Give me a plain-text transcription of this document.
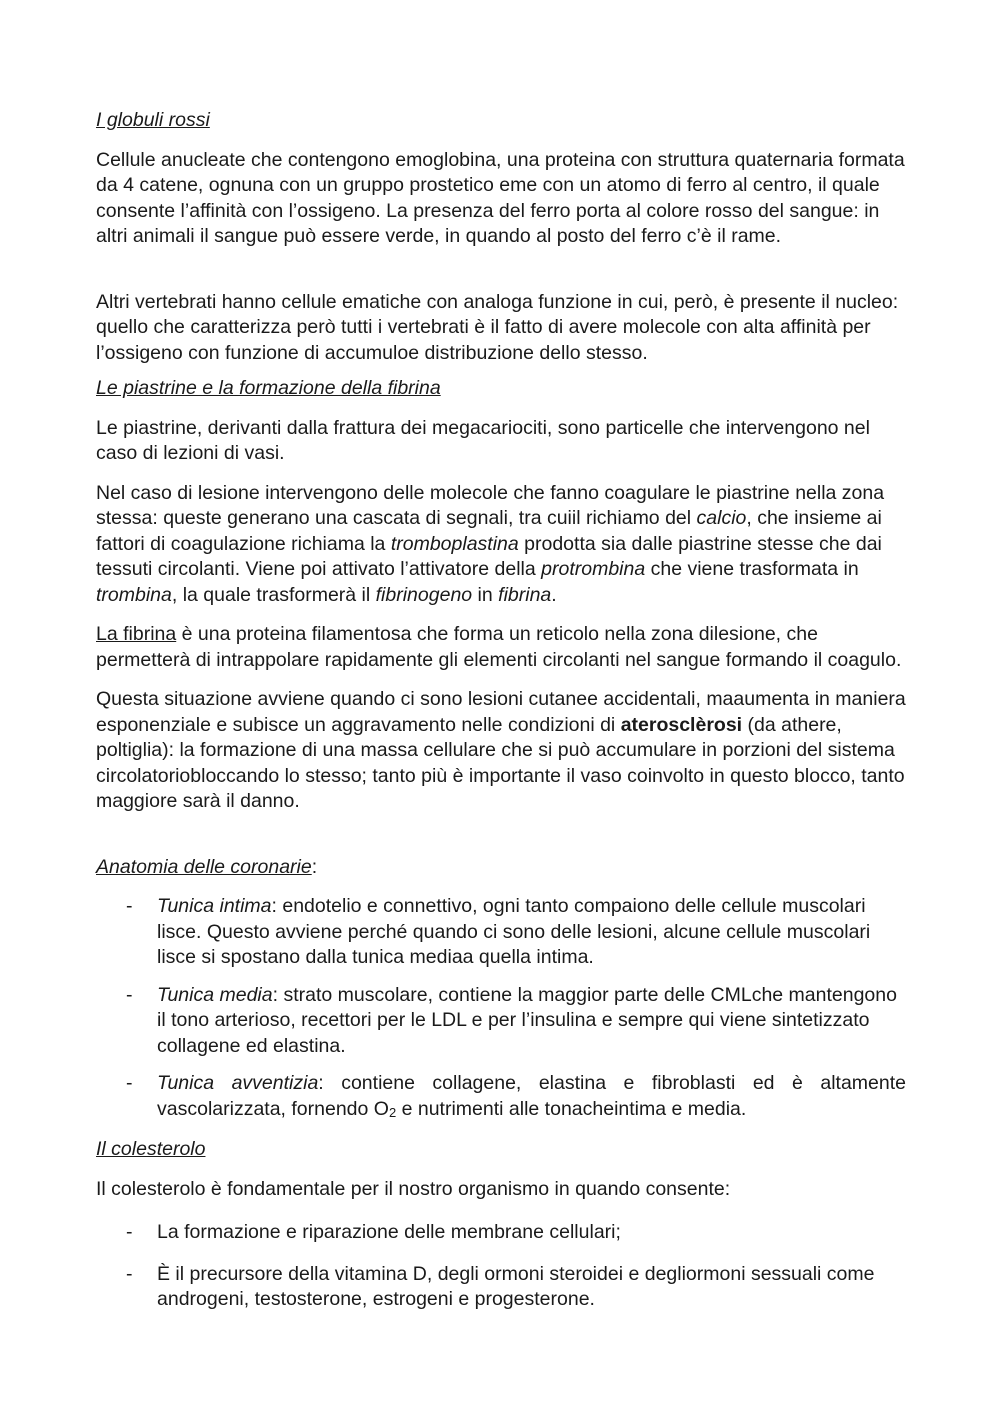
I globuli rossi

Cellule anucleate che contengono emoglobina, una proteina con struttura quaternaria formata da 4 catene, ognuna con un gruppo prostetico eme con un atomo di ferro al centro, il quale consente l’affinità con l’ossigeno. La presenza del ferro porta al colore rosso del sangue: in altri animali il sangue può essere verde, in quando al posto del ferro c’è il rame.

Altri vertebrati hanno cellule ematiche con analoga funzione in cui, però, è presente il nucleo: quello che caratterizza però tutti i vertebrati è il fatto di avere molecole con alta affinità per l’ossigeno con funzione di accumuloe distribuzione dello stesso.

Le piastrine e la formazione della fibrina

Le piastrine, derivanti dalla frattura dei megacariociti, sono particelle che intervengono nel caso di lezioni di vasi.

Nel caso di lesione intervengono delle molecole che fanno coagulare le piastrine nella zona stessa: queste generano una cascata di segnali, tra cuiil richiamo del calcio, che insieme ai fattori di coagulazione richiama la tromboplastina prodotta sia dalle piastrine stesse che dai tessuti circolanti. Viene poi attivato l’attivatore della protrombina che viene trasformata in trombina, la quale trasformerà il fibrinogeno in fibrina.

La fibrina è una proteina filamentosa che forma un reticolo nella zona dilesione, che permetterà di intrappolare rapidamente gli elementi circolanti nel sangue formando il coagulo.

Questa situazione avviene quando ci sono lesioni cutanee accidentali, maaumenta in maniera esponenziale e subisce un aggravamento nelle condizioni di aterosclèrosi (da athere, poltiglia): la formazione di una massa cellulare che si può accumulare in porzioni del sistema circolatoriobloccando lo stesso; tanto più è importante il vaso coinvolto in questo blocco, tanto maggiore sarà il danno.

Anatomia delle coronarie:

- Tunica intima: endotelio e connettivo, ogni tanto compaiono delle cellule muscolari lisce. Questo avviene perché quando ci sono delle lesioni, alcune cellule muscolari lisce si spostano dalla tunica mediaa quella intima.
- Tunica media: strato muscolare, contiene la maggior parte delle CMLche mantengono il tono arterioso, recettori per le LDL e per l’insulina e sempre qui viene sintetizzato collagene ed elastina.
- Tunica avventizia: contiene collagene, elastina e fibroblasti ed è altamente vascolarizzata, fornendo $O_2$ e nutrimenti alle tonacheintima e media.

Il colesterolo

Il colesterolo è fondamentale per il nostro organismo in quando consente:

- La formazione e riparazione delle membrane cellulari;
- È il precursore della vitamina D, degli ormoni steroidei e degliormoni sessuali come androgeni, testosterone, estrogeni e progesterone.
